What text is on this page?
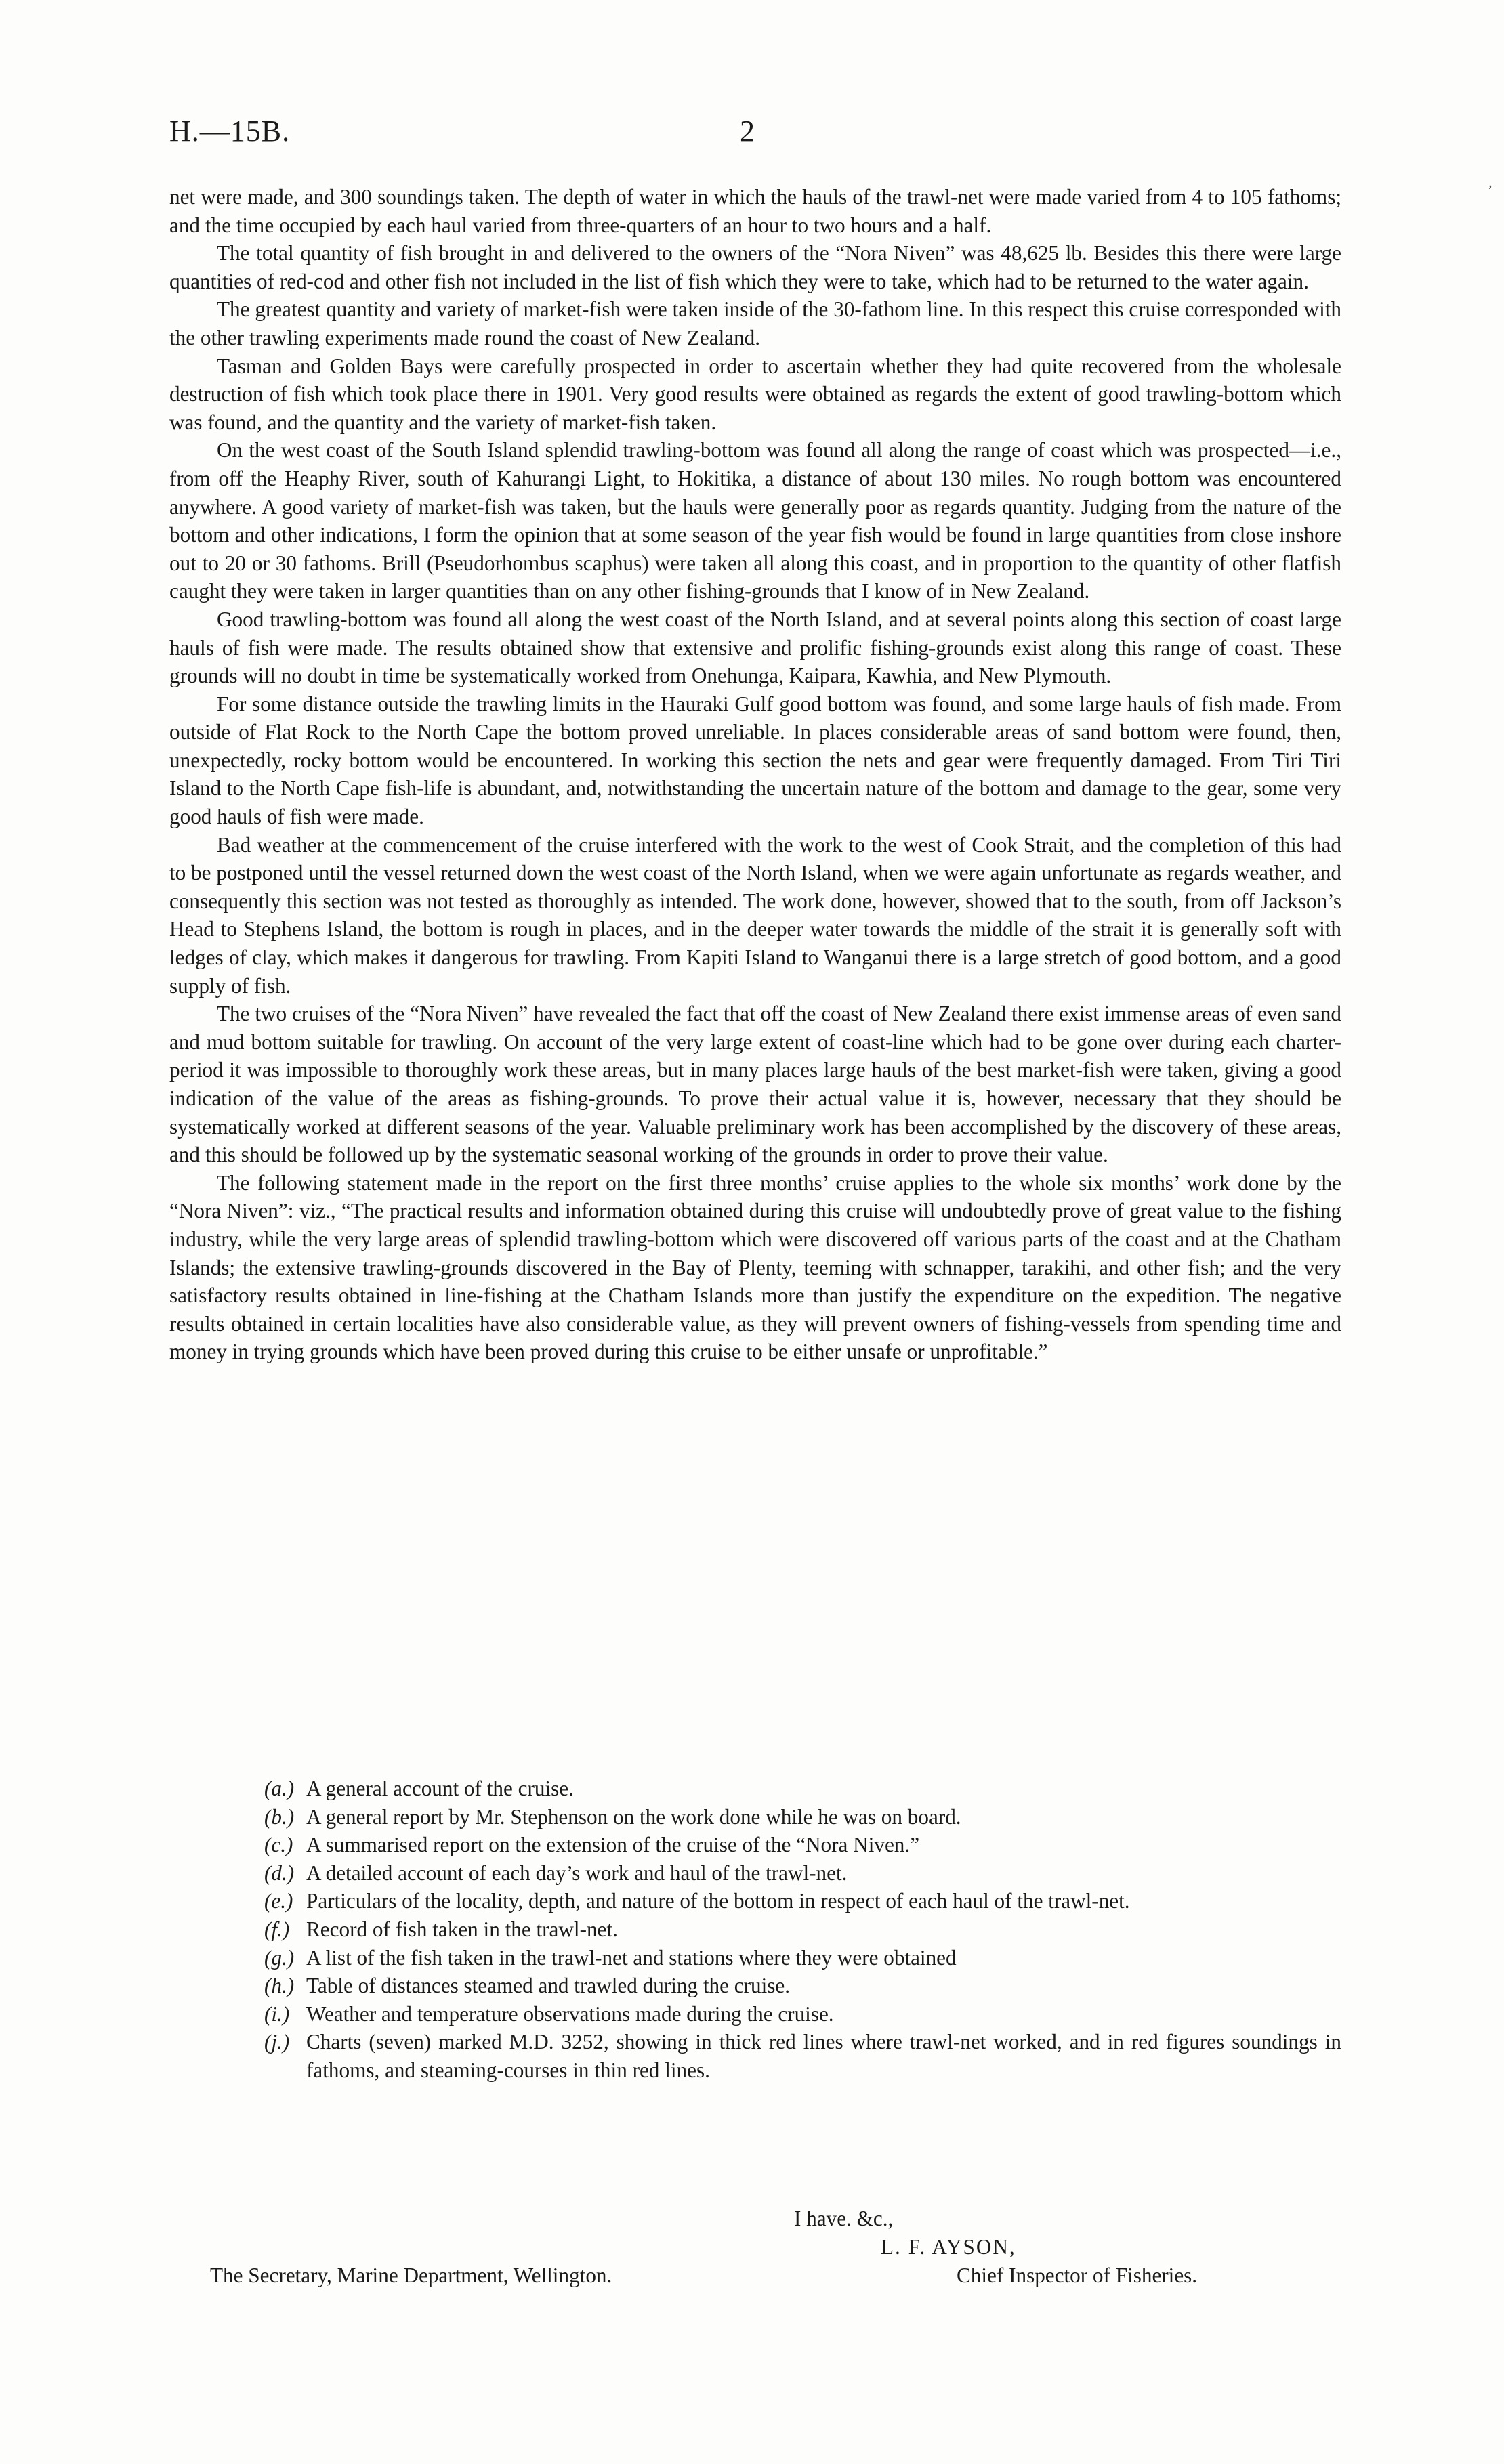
H.—15B.	2
’

net were made, and 300 soundings taken. The depth of water in which the hauls of the trawl-net were made varied from 4 to 105 fathoms; and the time occupied by each haul varied from three-quarters of an hour to two hours and a half.

The total quantity of fish brought in and delivered to the owners of the “Nora Niven” was 48,625 lb. Besides this there were large quantities of red-cod and other fish not included in the list of fish which they were to take, which had to be returned to the water again.

The greatest quantity and variety of market-fish were taken inside of the 30-fathom line. In this respect this cruise corresponded with the other trawling experiments made round the coast of New Zealand.

Tasman and Golden Bays were carefully prospected in order to ascertain whether they had quite recovered from the wholesale destruction of fish which took place there in 1901. Very good results were obtained as regards the extent of good trawling-bottom which was found, and the quantity and the variety of market-fish taken.

On the west coast of the South Island splendid trawling-bottom was found all along the range of coast which was prospected—i.e., from off the Heaphy River, south of Kahurangi Light, to Hokitika, a distance of about 130 miles. No rough bottom was encountered anywhere. A good variety of market-fish was taken, but the hauls were generally poor as regards quantity. Judging from the nature of the bottom and other indications, I form the opinion that at some season of the year fish would be found in large quantities from close inshore out to 20 or 30 fathoms. Brill (Pseudorhombus scaphus) were taken all along this coast, and in proportion to the quantity of other flatfish caught they were taken in larger quantities than on any other fishing-grounds that I know of in New Zealand.

Good trawling-bottom was found all along the west coast of the North Island, and at several points along this section of coast large hauls of fish were made. The results obtained show that extensive and prolific fishing-grounds exist along this range of coast. These grounds will no doubt in time be systematically worked from Onehunga, Kaipara, Kawhia, and New Plymouth.

For some distance outside the trawling limits in the Hauraki Gulf good bottom was found, and some large hauls of fish made. From outside of Flat Rock to the North Cape the bottom proved unreliable. In places considerable areas of sand bottom were found, then, unexpectedly, rocky bottom would be encountered. In working this section the nets and gear were frequently damaged. From Tiri Tiri Island to the North Cape fish-life is abundant, and, notwithstanding the uncertain nature of the bottom and damage to the gear, some very good hauls of fish were made.

Bad weather at the commencement of the cruise interfered with the work to the west of Cook Strait, and the completion of this had to be postponed until the vessel returned down the west coast of the North Island, when we were again unfortunate as regards weather, and consequently this section was not tested as thoroughly as intended. The work done, however, showed that to the south, from off Jackson’s Head to Stephens Island, the bottom is rough in places, and in the deeper water towards the middle of the strait it is generally soft with ledges of clay, which makes it dangerous for trawling. From Kapiti Island to Wanganui there is a large stretch of good bottom, and a good supply of fish.

The two cruises of the “Nora Niven” have revealed the fact that off the coast of New Zealand there exist immense areas of even sand and mud bottom suitable for trawling. On account of the very large extent of coast-line which had to be gone over during each charter-period it was impossible to thoroughly work these areas, but in many places large hauls of the best market-fish were taken, giving a good indication of the value of the areas as fishing-grounds. To prove their actual value it is, however, necessary that they should be systematically worked at different seasons of the year. Valuable preliminary work has been accomplished by the discovery of these areas, and this should be followed up by the systematic seasonal working of the grounds in order to prove their value.

The following statement made in the report on the first three months’ cruise applies to the whole six months’ work done by the “Nora Niven”: viz., “The practical results and information obtained during this cruise will undoubtedly prove of great value to the fishing industry, while the very large areas of splendid trawling-bottom which were discovered off various parts of the coast and at the Chatham Islands; the extensive trawling-grounds discovered in the Bay of Plenty, teeming with schnapper, tarakihi, and other fish; and the very satisfactory results obtained in line-fishing at the Chatham Islands more than justify the expenditure on the expedition. The negative results obtained in certain localities have also considerable value, as they will prevent owners of fishing-vessels from spending time and money in trying grounds which have been proved during this cruise to be either unsafe or unprofitable.”

(a.) A general account of the cruise.
(b.) A general report by Mr. Stephenson on the work done while he was on board.
(c.) A summarised report on the extension of the cruise of the “Nora Niven.”
(d.) A detailed account of each day’s work and haul of the trawl-net.
(e.) Particulars of the locality, depth, and nature of the bottom in respect of each haul of the trawl-net.
(f.) Record of fish taken in the trawl-net.
(g.) A list of the fish taken in the trawl-net and stations where they were obtained
(h.) Table of distances steamed and trawled during the cruise.
(i.) Weather and temperature observations made during the cruise.
(j.) Charts (seven) marked M.D. 3252, showing in thick red lines where trawl-net worked, and in red figures soundings in fathoms, and steaming-courses in thin red lines.
I have. &c.,
L. F. AYSON,
The Secretary, Marine Department, Wellington.	Chief Inspector of Fisheries.
